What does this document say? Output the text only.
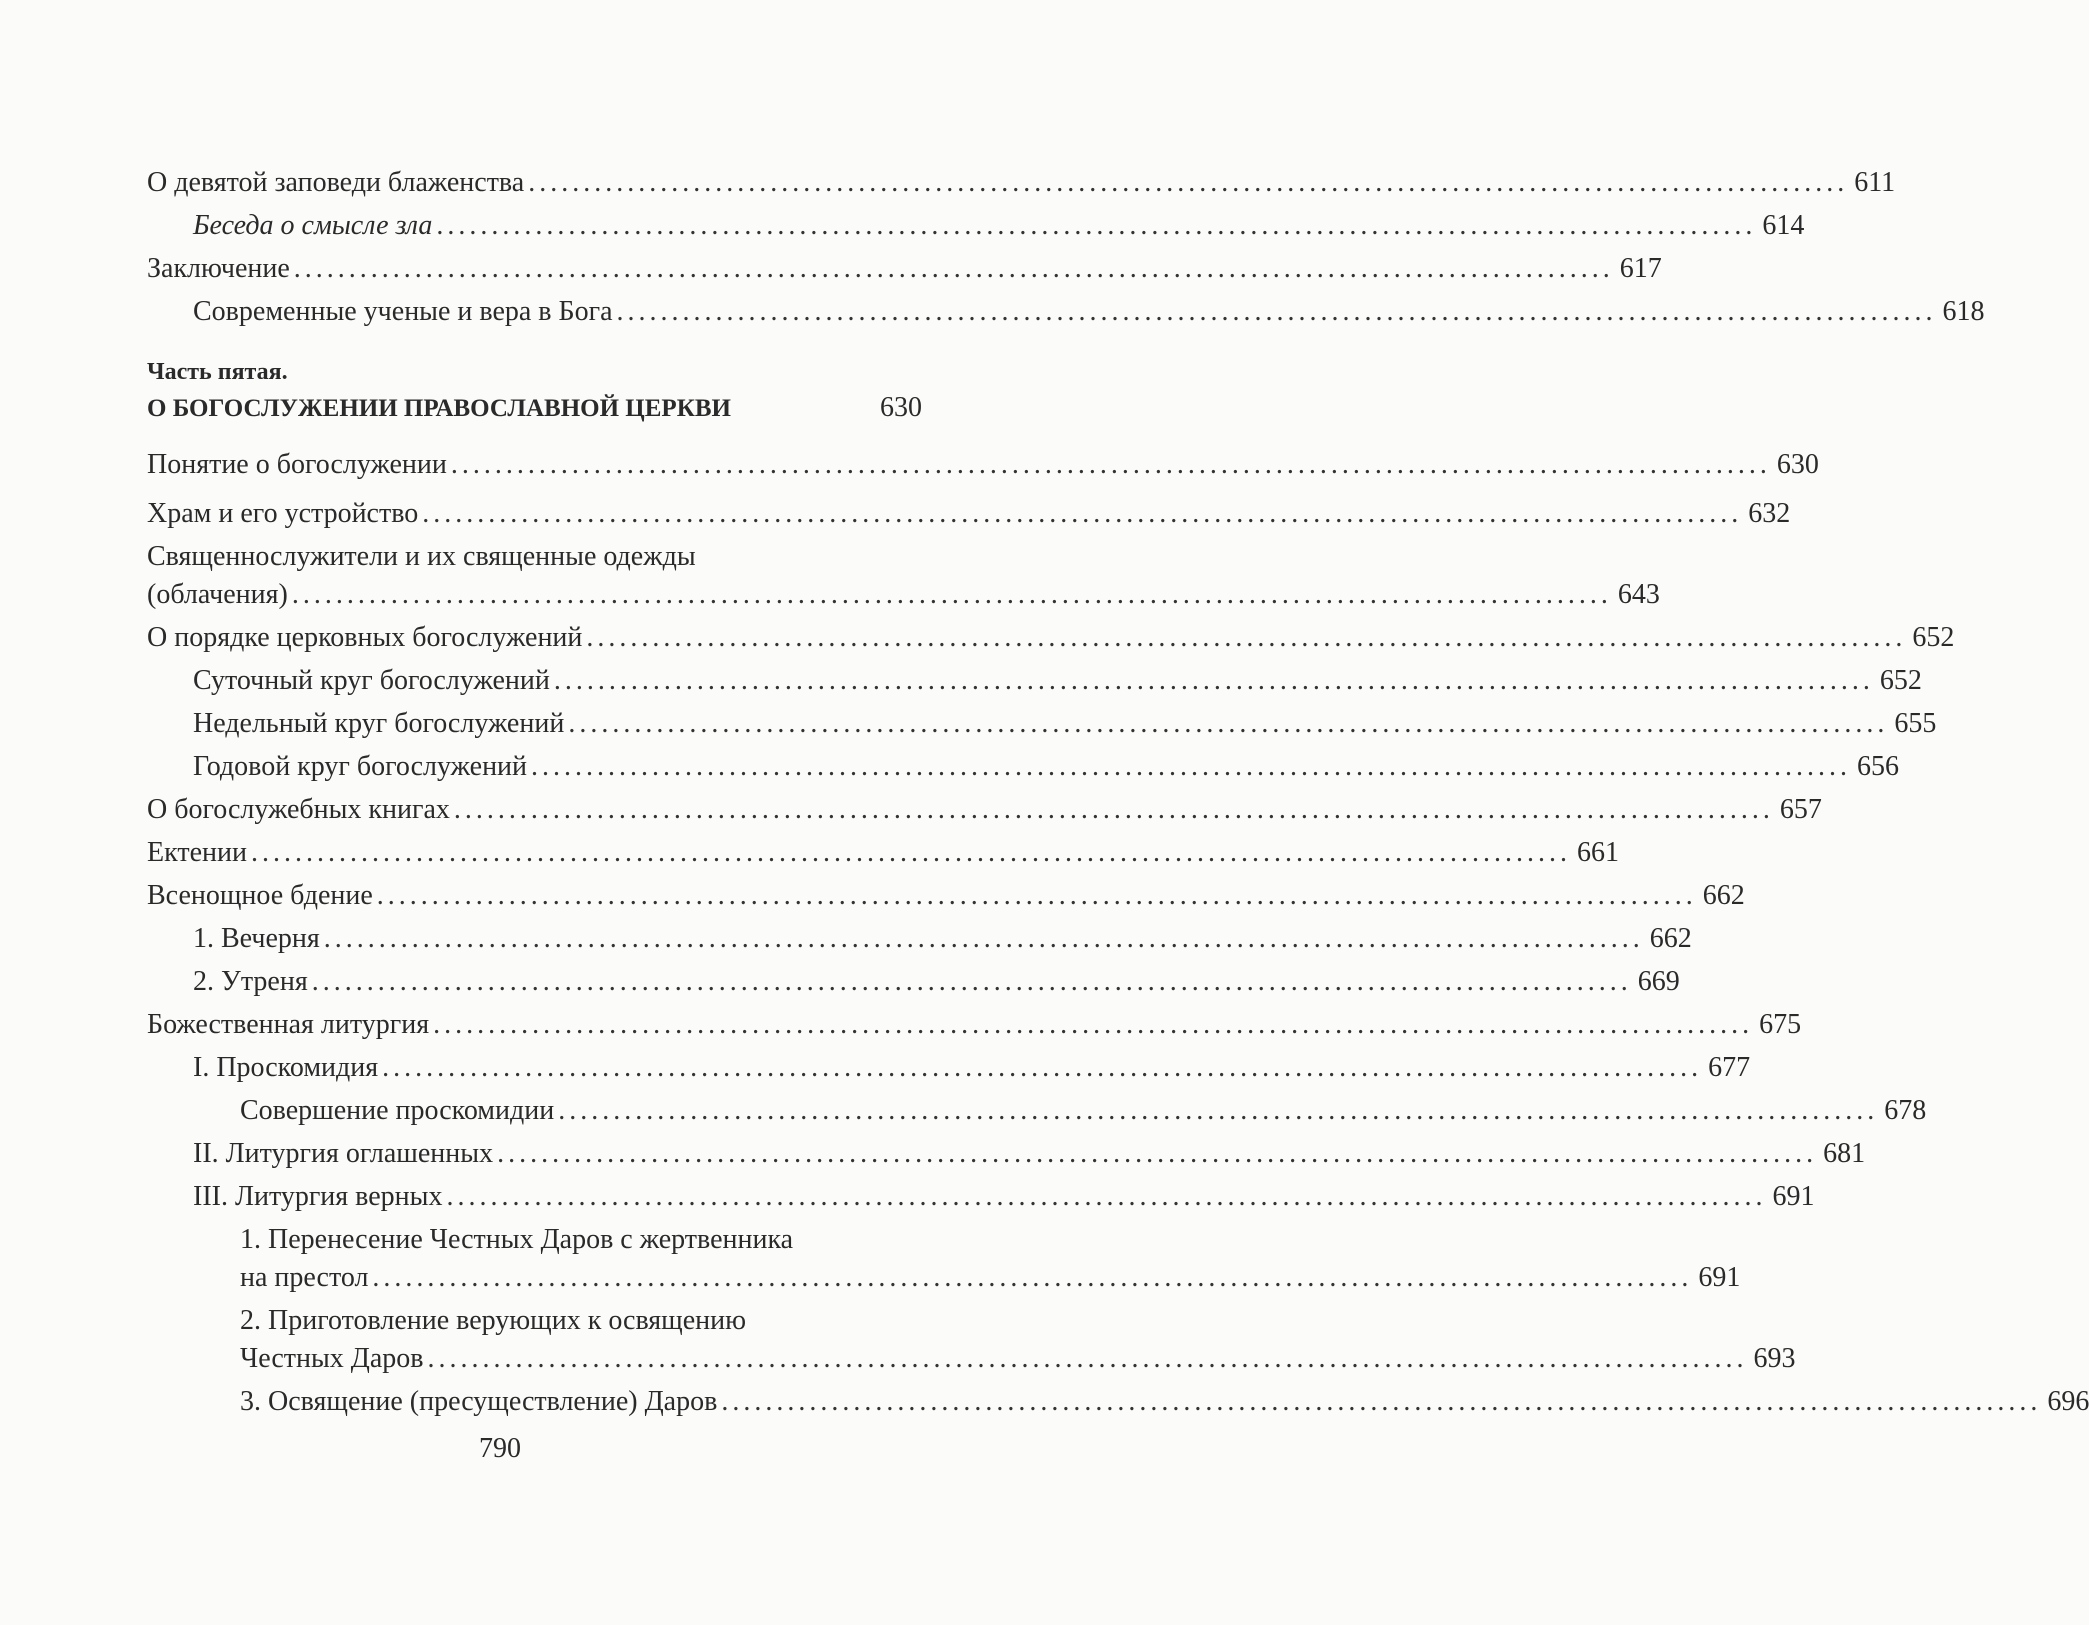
О девятой заповеди блаженства ........................................................................................................................ 611
Беседа о смысле зла ........................................................................................................................ 614
Заключение ........................................................................................................................ 617
Современные ученые и вера в Бога ........................................................................................................................ 618
Часть пятая.
О БОГОСЛУЖЕНИИ ПРАВОСЛАВНОЙ ЦЕРКВИ	630
Понятие о богослужении ........................................................................................................................ 630
Храм и его устройство ........................................................................................................................ 632
Священнослужители и их священные одежды
(облачения) ........................................................................................................................ 643
О порядке церковных богослужений ........................................................................................................................ 652
Суточный круг богослужений ........................................................................................................................ 652
Недельный круг богослужений ........................................................................................................................ 655
Годовой круг богослужений ........................................................................................................................ 656
О богослужебных книгах ........................................................................................................................ 657
Ектении ........................................................................................................................ 661
Всенощное бдение ........................................................................................................................ 662
1. Вечерня ........................................................................................................................ 662
2. Утреня ........................................................................................................................ 669
Божественная литургия ........................................................................................................................ 675
I. Проскомидия ........................................................................................................................ 677
Совершение проскомидии ........................................................................................................................ 678
II. Литургия оглашенных ........................................................................................................................ 681
III. Литургия верных ........................................................................................................................ 691
1. Перенесение Честных Даров с жертвенника
на престол ........................................................................................................................ 691
2. Приготовление верующих к освящению
Честных Даров ........................................................................................................................ 693
3. Освящение (пресуществление) Даров ........................................................................................................................ 696
790
